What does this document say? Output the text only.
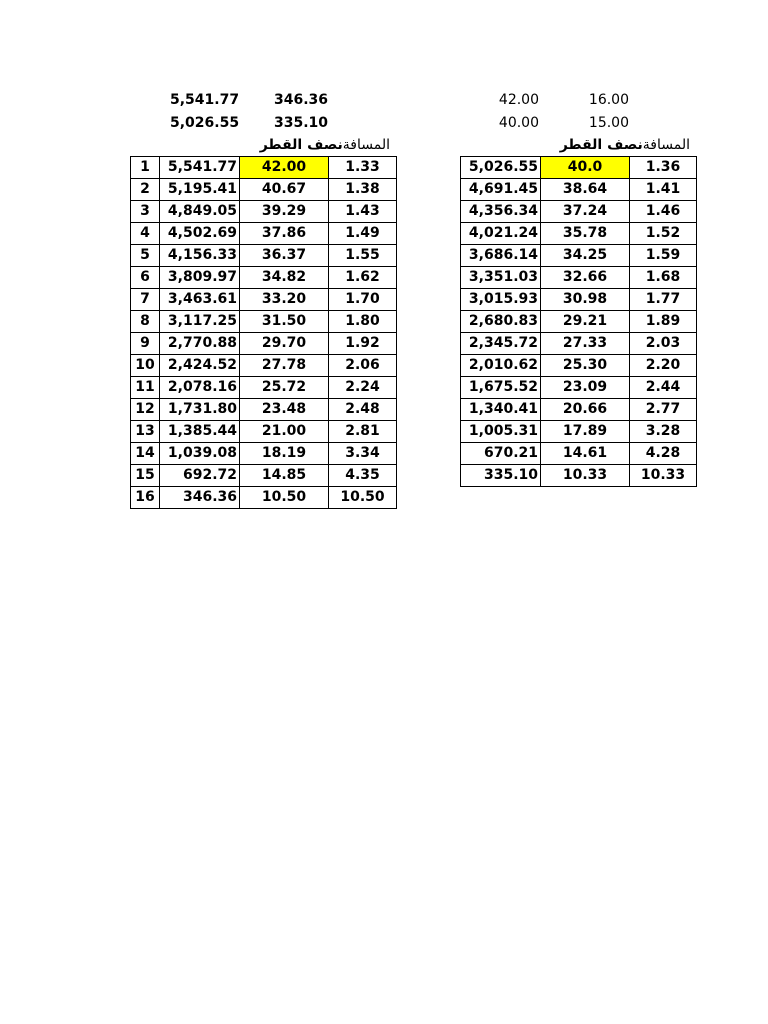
5,541.77	346.36
5,026.55	335.10
المسافةنصف القطر
1	5,541.77	42.00	1.33
2	5,195.41	40.67	1.38
3	4,849.05	39.29	1.43
4	4,502.69	37.86	1.49
5	4,156.33	36.37	1.55
6	3,809.97	34.82	1.62
7	3,463.61	33.20	1.70
8	3,117.25	31.50	1.80
9	2,770.88	29.70	1.92
10	2,424.52	27.78	2.06
11	2,078.16	25.72	2.24
12	1,731.80	23.48	2.48
13	1,385.44	21.00	2.81
14	1,039.08	18.19	3.34
15	692.72	14.85	4.35
16	346.36	10.50	10.50
42.00	16.00
40.00	15.00
المسافةنصف القطر
5,026.55	40.0	1.36
4,691.45	38.64	1.41
4,356.34	37.24	1.46
4,021.24	35.78	1.52
3,686.14	34.25	1.59
3,351.03	32.66	1.68
3,015.93	30.98	1.77
2,680.83	29.21	1.89
2,345.72	27.33	2.03
2,010.62	25.30	2.20
1,675.52	23.09	2.44
1,340.41	20.66	2.77
1,005.31	17.89	3.28
670.21	14.61	4.28
335.10	10.33	10.33
